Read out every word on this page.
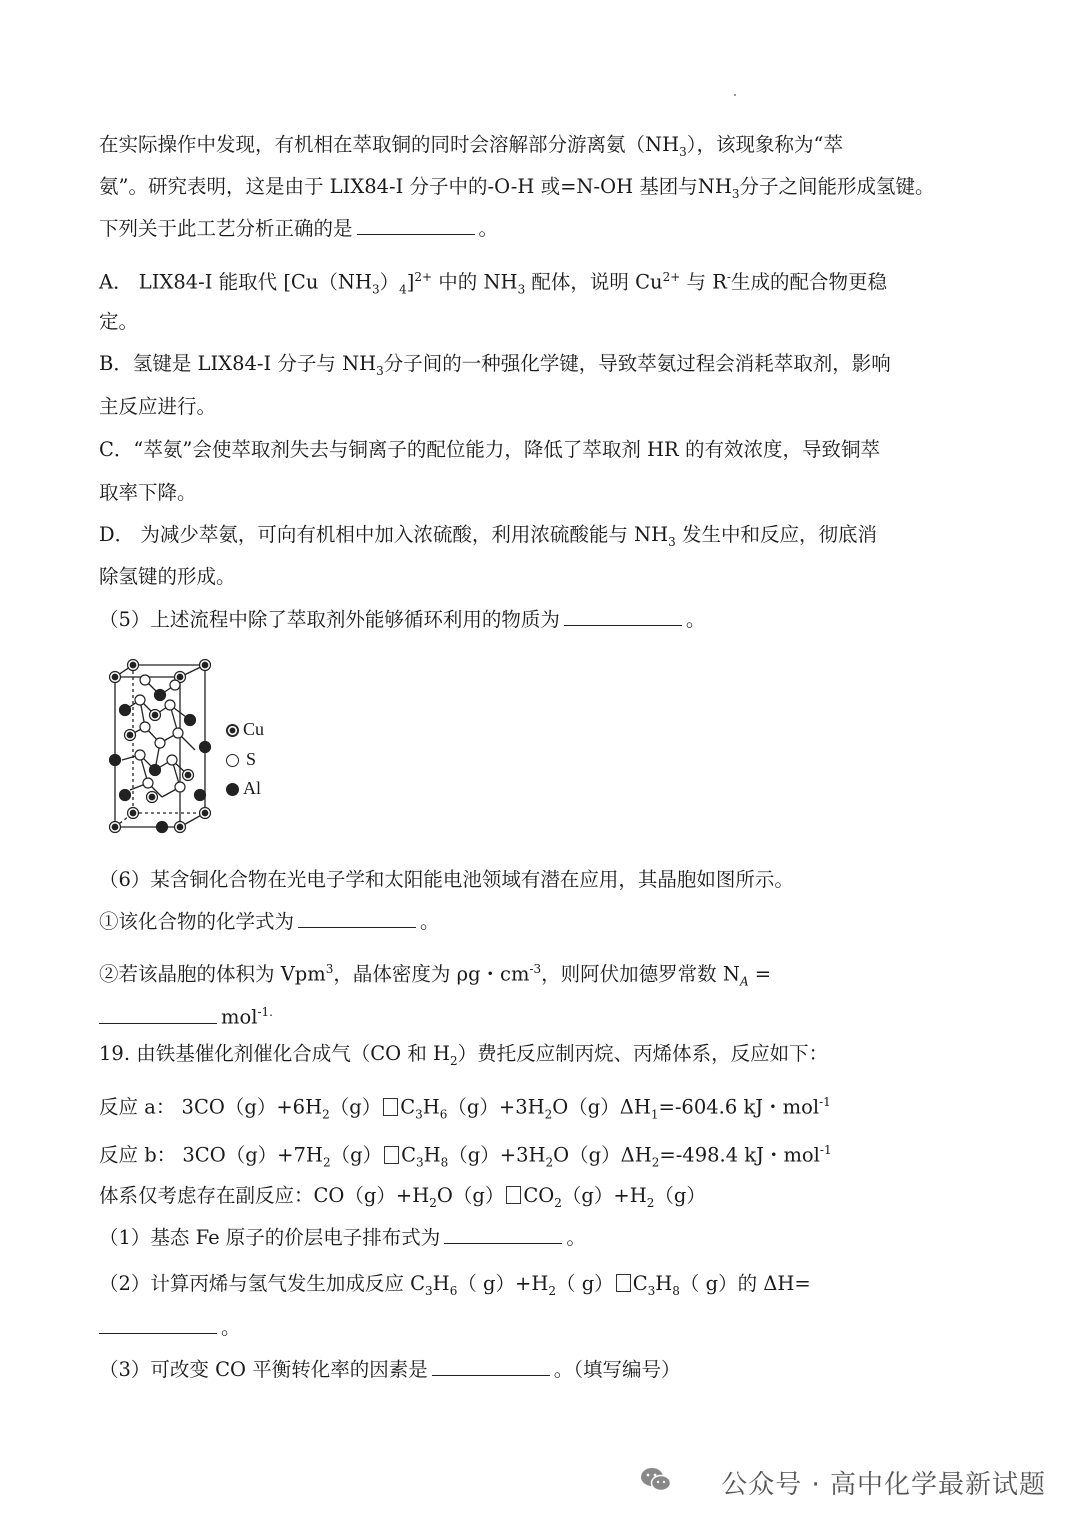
在实际操作中发现，有机相在萃取铜的同时会溶解部分游离氨$(NH_3)$，该现象称为“萃
氨”。研究表明，这是由于 LIX84-I 分子中的-O-H 或=N-OH 基团与$NH_3$分子之间能形成氢键。
下列关于此工艺分析正确的是	。
A． LIX84-I 能取代 $[Cu(NH_3)_4]^{2+}$ 中的 $NH_3$ 配体，说明 $Cu^{2+}$ 与 R-生成的配合物更稳
定。
B．氢键是 LIX84-I 分子与 $NH_3$分子间的一种强化学键，导致萃氨过程会消耗萃取剂，影响
主反应进行。
C．“萃氨”会使萃取剂失去与铜离子的配位能力，降低了萃取剂 HR 的有效浓度，导致铜萃
取率下降。
D． 为减少萃氨，可向有机相中加入浓硫酸，利用浓硫酸能与 $NH_3$ 发生中和反应，彻底消
除氢键的形成。
（5）上述流程中除了萃取剂外能够循环利用的物质为	。
Cu
S
Al
（6）某含铜化合物在光电子学和太阳能电池领域有潜在应用，其晶胞如图所示。
①该化合物的化学式为	。
②若该晶胞的体积为 Vpm$^3$，晶体密度为 ρg・$cm^{-3}$，则阿伏加德罗常数 $N_A$ =
mol$^{-1.}$
19. 由铁基催化剂催化合成气（CO 和 $H_2$）费托反应制丙烷、丙烯体系，反应如下：
反应 a： $3CO(g)+6H_2(g)$ $C_3H_6(g)+3H_2O(g)\Delta H_1=-604.6$ kJ・mol$^{-1}$
反应 b： $3CO(g)+7H_2(g)$ $C_3H_8(g)+3H_2O(g)\Delta H_2=-498.4$ kJ・mol$^{-1}$
体系仅考虑存在副反应：$CO(g)+H_2O(g)$ $CO_2(g)+H_2(g)$
（1）基态 Fe 原子的价层电子排布式为	。
（2）计算丙烯与氢气发生加成反应 $C_3H_6$（ $g)+H_2$（ g） $C_3H_8$（ g）的 ΔH=
。
（3）可改变 CO 平衡转化率的因素是	。（填写编号）
公众号 · 高中化学最新试题
